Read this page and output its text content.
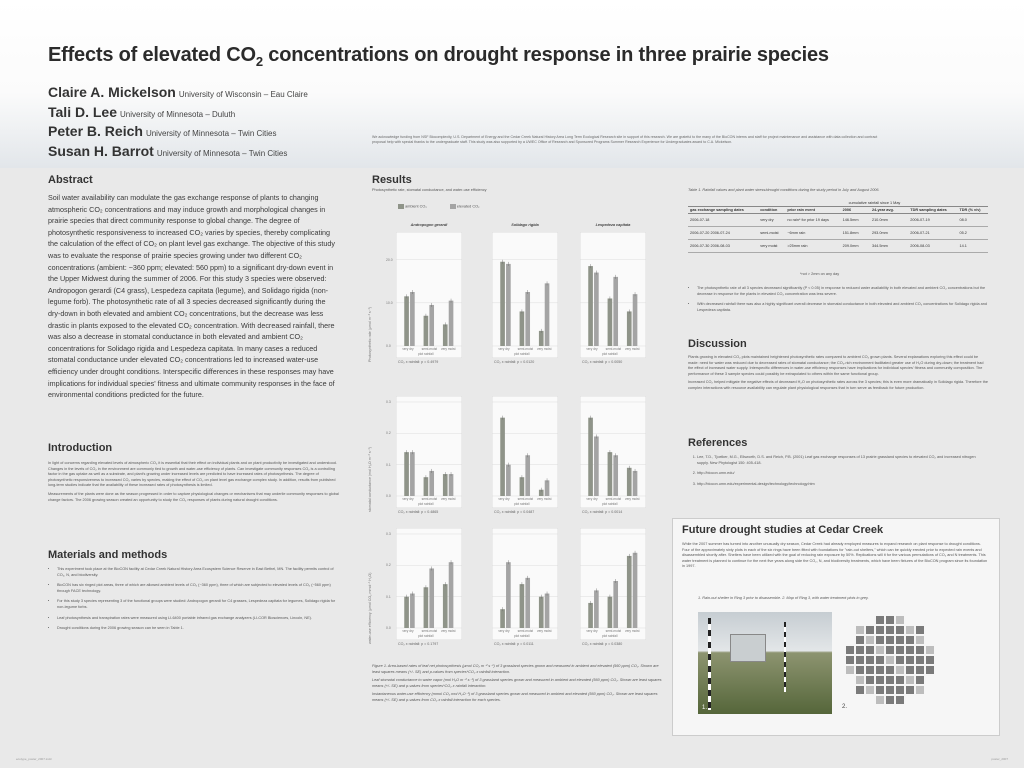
Effects of elevated $CO_2$ concentrations on drought response in three prairie species
Claire A. Mickelson University of Wisconsin – Eau Claire
Tali D. Lee University of Minnesota – Duluth
Peter B. Reich University of Minnesota – Twin Cities
Susan H. Barrot University of Minnesota – Twin Cities
We acknowledge funding from NSF Biocomplexity, U.S. Department of Energy and the Cedar Creek Natural History Area Long Term Ecological Research site in support of this research. We are grateful to the many of the BioCON interns and staff for project maintenance and assistance with data collection and contract proposal help with special thanks to the undergraduate staff. This study was also supported by a UWEC Office of Research and Sponsored Programs Summer Research Experience for Undergraduates award to C.A. Mickelson.
Abstract
Soil water availability can modulate the gas exchange response of plants to changing atmospheric CO₂ concentrations and may induce growth and morphological changes in prairie species that direct community response to global change. The degree of photosynthetic responsiveness to increased CO₂ varies by species, thereby complicating the calculation of the effect of CO₂ on plant level gas exchange. The objective of this study was to evaluate the response of prairie species growing under two different CO₂ concentrations (ambient: ~360 ppm; elevated: 560 ppm) to a significant dry-down event in the Upper Midwest during the summer of 2006. For this study 3 species were observed: Andropogon gerardi (C4 grass), Lespedeza capitata (legume), and Solidago rigida (non-legume forb). The photosynthetic rate of all 3 species decreased significantly during the dry-down in both elevated and ambient CO₂ concentrations, but the decrease was less drastic in plants exposed to the elevated CO₂ concentration. With decreased rainfall, there was also a decrease in stomatal conductance in both elevated and ambient CO₂ concentrations for Solidago rigida and Lespedeza capitata. In many cases a reduced stomatal conductance under elevated CO₂ concentrations led to increased water-use efficiency under drought conditions. Interspecific differences in these responses may have implications for individual species' fitness and ultimate community responses in the face of environmental conditions predicted for the future.
Introduction

In light of concerns regarding elevated levels of atmospheric CO₂ it is essential that their effect on individual plants and on plant productivity be investigated and understood. Changes in the levels of CO₂ in the environment are commonly tied to growth and water-use efficiency of plants. Can investigate community responses CO₂ is a controlling factor in the gas uptake as well as a substrate, and plant's growing under increased levels are predicted to have increased rates of photosynthesis. The degree of photosynthetic responsiveness to increased CO₂ varies by species, making the effect of CO₂ on plant level gas exchange complex study. In addition, results from published long-term studies indicate that the availability of these increased rates of photosynthesis is limited.

Measurements of the plants were done as the season progressed in order to capture physiological changes or mechanisms that may underlie community responses to global change factors. The 2006 growing season created an opportunity to study the CO₂ responses of plants during natural drought conditions.

Materials and methods
• This experiment took place at the BioCON facility at Cedar Creek Natural History Area Ecosystem Science Reserve in East Bethel, MN. The facility permits control of CO₂, N, and biodiversity.
• BioCON has six ringed plot areas, three of which are allowed ambient levels of CO₂ (~360 ppm), three of which are subjected to elevated levels of CO₂ (~560 ppm) through FACE technology.
• For this study 3 species representing 3 of the functional groups were studied: Andropogon gerardi for C4 grasses, Lespedeza capitata for legumes, Solidago rigida for non-legume forbs.
• Leaf photosynthesis and transpiration rates were measured using LI-6400 portable infrared gas exchange analyzers (LI-COR Biosciences, Lincoln, NE).
• Drought conditions during the 2006 growing season can be seen in Table 1.
Results
Photosynthetic rate, stomatal conductance, and water-use efficiency
ambient CO₂	elevated CO₂
Photosynthetic rate (μmol m⁻² s⁻¹)
Andropogon gerardi
0.0
10.0
20.0
very dry semi-moist very moist
plot rainfall
CO₂ x rainfall: p = 0.4979
Solidago rigida
very dry semi-moist very moist
plot rainfall
CO₂ x rainfall: p = 0.0120
Lespedeza capitata
very dry semi-moist very moist
plot rainfall
CO₂ x rainfall: p = 0.0050
stomatal conductance (mol H₂O m⁻² s⁻¹)	0.0
0.1
0.2
0.3
very dry semi-moist very moist
plot rainfall
CO₂ x rainfall: p = 0.4865
very dry semi-moist very moist
plot rainfall
CO₂ x rainfall: p = 0.0487
very dry semi-moist very moist
plot rainfall
CO₂ x rainfall: p = 0.0014
water-use efficiency (μmol CO₂ mmol⁻¹ H₂O)	0.0
0.1
0.2
0.3
very dry semi-moist very moist
plot rainfall
CO₂ x rainfall: p = 0.1797
very dry semi-moist very moist
plot rainfall
CO₂ x rainfall: p = 0.0111
very dry semi-moist very moist
plot rainfall
CO₂ x rainfall: p = 0.0380

Figure 1. Area-based rates of leaf net photosynthesis (μmol CO₂ m⁻² s⁻¹) of 3 grassland species grown and measured in ambient and elevated (560 ppm) CO₂. Shown are least squares means (+/- SE) and p-values from species*CO₂ x rainfall interaction.

Leaf stomatal conductance to water vapor (mol H₂O m⁻² s⁻¹) of 3 grassland species grown and measured in ambient and elevated (560 ppm) CO₂. Shown are least squares means (+/- SE) and p-values from species*CO₂ x rainfall interaction.

Instantaneous water-use efficiency (mmol CO₂ mol H₂O⁻¹) of 3 grassland species grown and measured in ambient and elevated (560 ppm) CO₂. Shown are least squares means (+/- SE) and p-values from CO₂ x rainfall interaction for each species.

Table 1. Rainfall values and plant water stress/drought conditions during the study period in July and August 2006.
			cumulative rainfall since 1 May			
gas exchange sampling dates	condition	prior rain event	2006	24-year avg.	TDR sampling dates	TDR (% v/v)
2006-07-18	very dry	no rain* for prior 19 days	146.5mm	210.0mm	2006-07-19	08.0
2006-07-20 2006-07-24	semi-moist	~6mm rain	151.8mm	293.0mm	2006-07-21	05.2
2006-07-30 2006-08-03	very moist	>25mm rain	209.0mm	344.5mm	2006-08-03	14.1
*not > 2mm on any day
• The photosynthetic rate of all 3 species decreased significantly (P < 0.05) in response to reduced water availability in both elevated and ambient CO₂ concentrations but the decrease in response for the plants in elevated CO₂ concentration was less severe.
• With decreased rainfall there was also a highly significant overall decrease in stomatal conductance in both elevated and ambient CO₂ concentrations for Solidago rigida and Lespedeza capitata.
Discussion

Plants growing in elevated CO₂ plots maintained heightened photosynthetic rates compared to ambient CO₂ grown plants. Several explanations exploring this effect could be made: need for water was reduced due to decreased rates of stomatal conductance; the CO₂-rich environment facilitated greater use of H₂O during dry-down; the treatment had the effect of increased water supply. Interspecific differences in water-use efficiency responses have implications for individual species' fitness and community composition. The performance of these 3 sample species could possibly be extrapolated to others within the same functional group.

Increased CO₂ helped mitigate the negative effects of decreased H₂O on photosynthetic rates across the 3 species; this is even more dramatically in Solidago rigida. Therefore the complex interactions with resource availability can regulate plant physiological responses that in turn serve as feedback for future production.

References
1. Lee, T.D., Tjoelker, M.G., Ellsworth, D.S. and Reich, P.B. (2001) Leaf gas exchange responses of 13 prairie grassland species to elevated CO₂ and increased nitrogen supply. New Phytologist 150: 405-418.
2. http://biocon.umn.edu/
3. http://biocon.umn.edu/experimental-design/technology/technology.htm
Future drought studies at Cedar Creek
While the 2007 summer has turned into another unusually dry season, Cedar Creek had already employed measures to expand research on plant response to drought conditions. Four of the approximately sixty plots in each of the six rings have been fitted with foundations for "rain-out shelters," which can be quickly erected prior to expected rain events and disassembled shortly after. Shelters have been utilized with the goal of reducing rain exposure by 50%. Replications will it for the various permutations of CO₂ and N treatments. This water treatment is planned to continue for the next five years along side the CO₂, N, and biodiversity treatments, which have been fixtures of the BioCON program since its foundation in 1997.
1. Rain-out shelter in Ring 3 prior to disassemble. 2. Map of Ring 3, with water treatment plots in grey.
1.	2.
ecotype_poster_2007.indd	poster_2007
